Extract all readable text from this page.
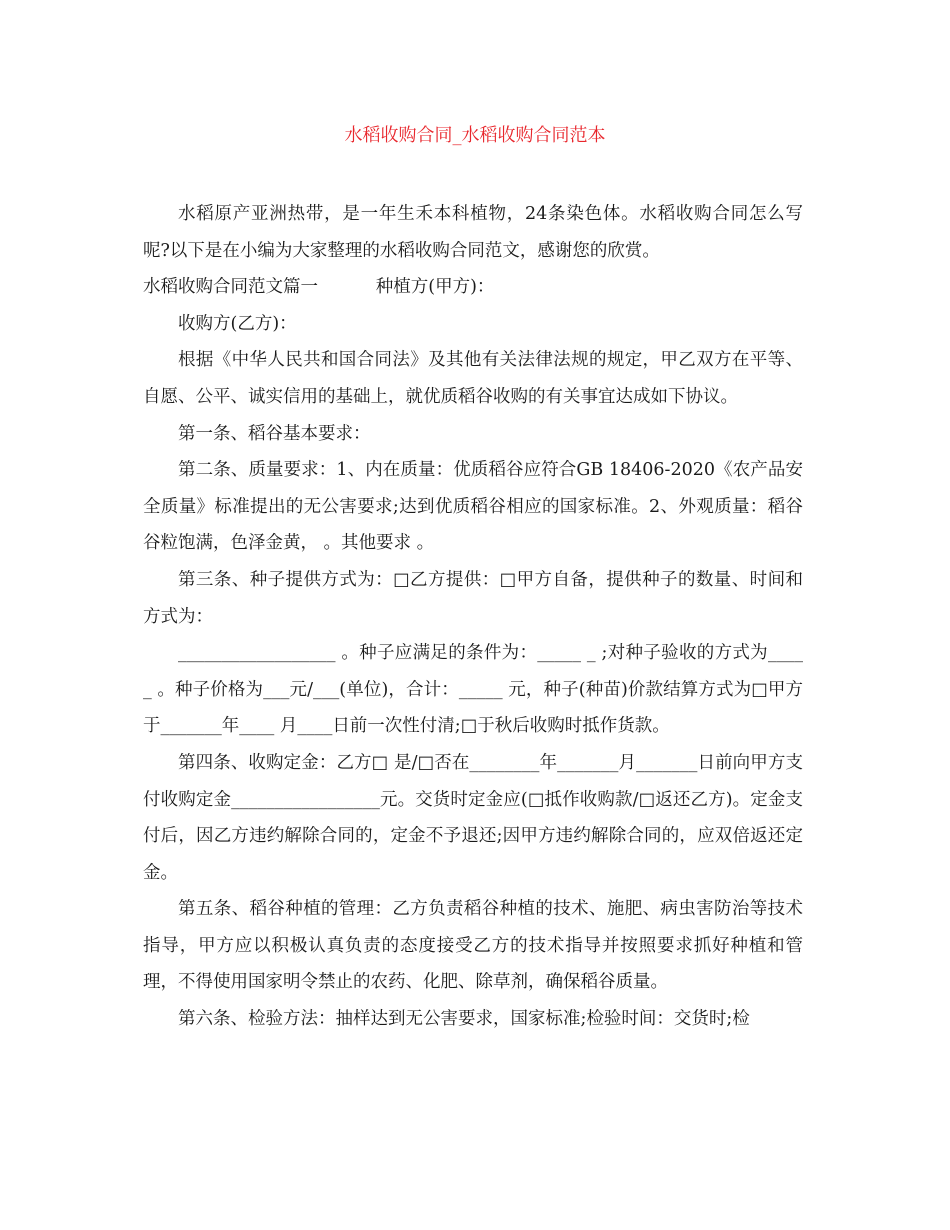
水稻收购合同_水稻收购合同范本

水稻原产亚洲热带，是一年生禾本科植物，24条染色体。水稻收购合同怎么写呢?以下是在小编为大家整理的水稻收购合同范文，感谢您的欣赏。

水稻收购合同范文篇一	种植方(甲方)：

收购方(乙方)：

根据《中华人民共和国合同法》及其他有关法律法规的规定，甲乙双方在平等、自愿、公平、诚实信用的基础上，就优质稻谷收购的有关事宜达成如下协议。

第一条、稻谷基本要求：

第二条、质量要求：1、内在质量：优质稻谷应符合GB 18406-2020《农产品安全质量》标准提出的无公害要求;达到优质稻谷相应的国家标准。2、外观质量：稻谷谷粒饱满，色泽金黄， 。其他要求 。

第三条、种子提供方式为：□乙方提供：□甲方自备，提供种子的数量、时间和方式为：

__________________ 。种子应满足的条件为：_____ _ ;对种子验收的方式为_____ 。种子价格为___元/___(单位)，合计：_____ 元，种子(种苗)价款结算方式为□甲方于_______年____ 月____日前一次性付清;□于秋后收购时抵作货款。

第四条、收购定金：乙方□ 是/□否在________年_______月_______日前向甲方支付收购定金_________________元。交货时定金应(□抵作收购款/□返还乙方)。定金支付后，因乙方违约解除合同的，定金不予退还;因甲方违约解除合同的，应双倍返还定金。

第五条、稻谷种植的管理：乙方负责稻谷种植的技术、施肥、病虫害防治等技术指导，甲方应以积极认真负责的态度接受乙方的技术指导并按照要求抓好种植和管理，不得使用国家明令禁止的农药、化肥、除草剂，确保稻谷质量。

第六条、检验方法：抽样达到无公害要求，国家标准;检验时间：交货时;检
